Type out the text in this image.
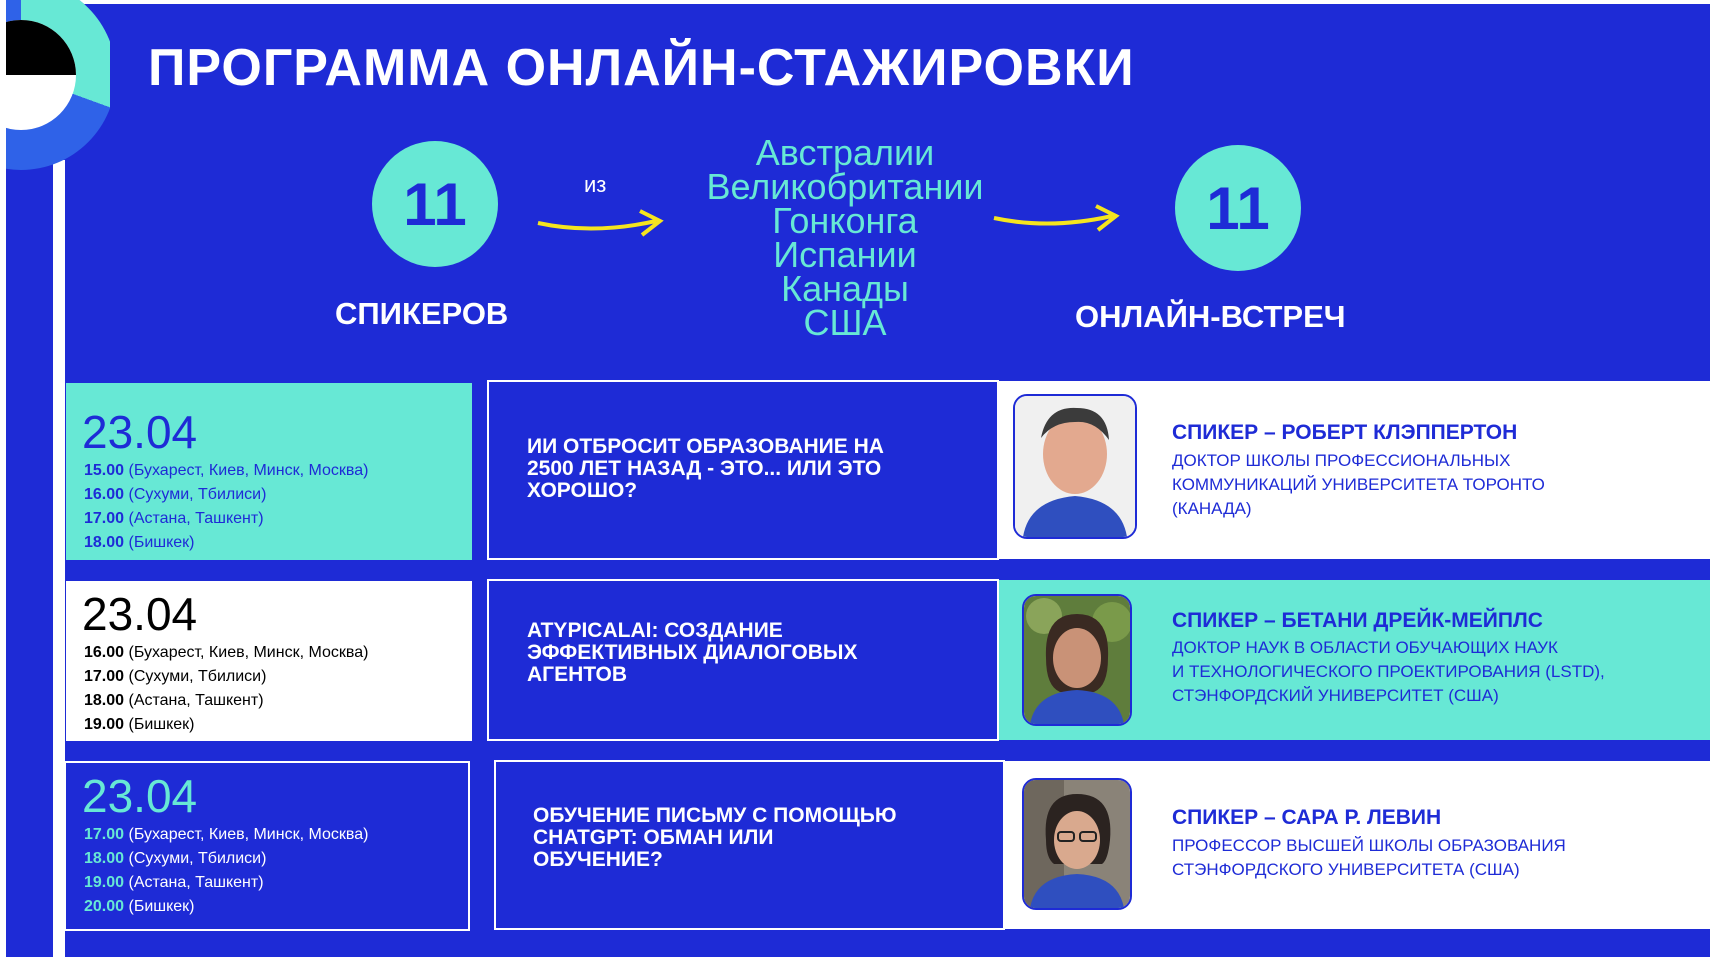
ПРОГРАММА ОНЛАЙН-СТАЖИРОВКИ
11
СПИКЕРОВ
из
Австралии
Великобритании
Гонконга
Испании
Канады
США
11
ОНЛАЙН-ВСТРЕЧ
23.04
15.00 (Бухарест, Киев, Минск, Москва)
16.00 (Сухуми, Тбилиси)
17.00 (Астана, Ташкент)
18.00 (Бишкек)
ИИ ОТБРОСИТ ОБРАЗОВАНИЕ НА
2500 ЛЕТ НАЗАД - ЭТО... ИЛИ ЭТО
ХОРОШО?
СПИКЕР – РОБЕРТ КЛЭППЕРТОН
ДОКТОР ШКОЛЫ ПРОФЕССИОНАЛЬНЫХ
КОММУНИКАЦИЙ УНИВЕРСИТЕТА ТОРОНТО
(КАНАДА)
23.04
16.00 (Бухарест, Киев, Минск, Москва)
17.00 (Сухуми, Тбилиси)
18.00 (Астана, Ташкент)
19.00 (Бишкек)
ATYPICALAI: СОЗДАНИЕ
ЭФФЕКТИВНЫХ ДИАЛОГОВЫХ
АГЕНТОВ
СПИКЕР – БЕТАНИ ДРЕЙК-МЕЙПЛС
ДОКТОР НАУК В ОБЛАСТИ ОБУЧАЮЩИХ НАУК
И ТЕХНОЛОГИЧЕСКОГО ПРОЕКТИРОВАНИЯ (LSTD),
СТЭНФОРДСКИЙ УНИВЕРСИТЕТ (США)
23.04
17.00 (Бухарест, Киев, Минск, Москва)
18.00 (Сухуми, Тбилиси)
19.00 (Астана, Ташкент)
20.00 (Бишкек)
ОБУЧЕНИЕ ПИСЬМУ С ПОМОЩЬЮ
CHATGPT: ОБМАН ИЛИ
ОБУЧЕНИЕ?
СПИКЕР – САРА Р. ЛЕВИН
ПРОФЕССОР ВЫСШЕЙ ШКОЛЫ ОБРАЗОВАНИЯ
СТЭНФОРДСКОГО УНИВЕРСИТЕТА (США)
